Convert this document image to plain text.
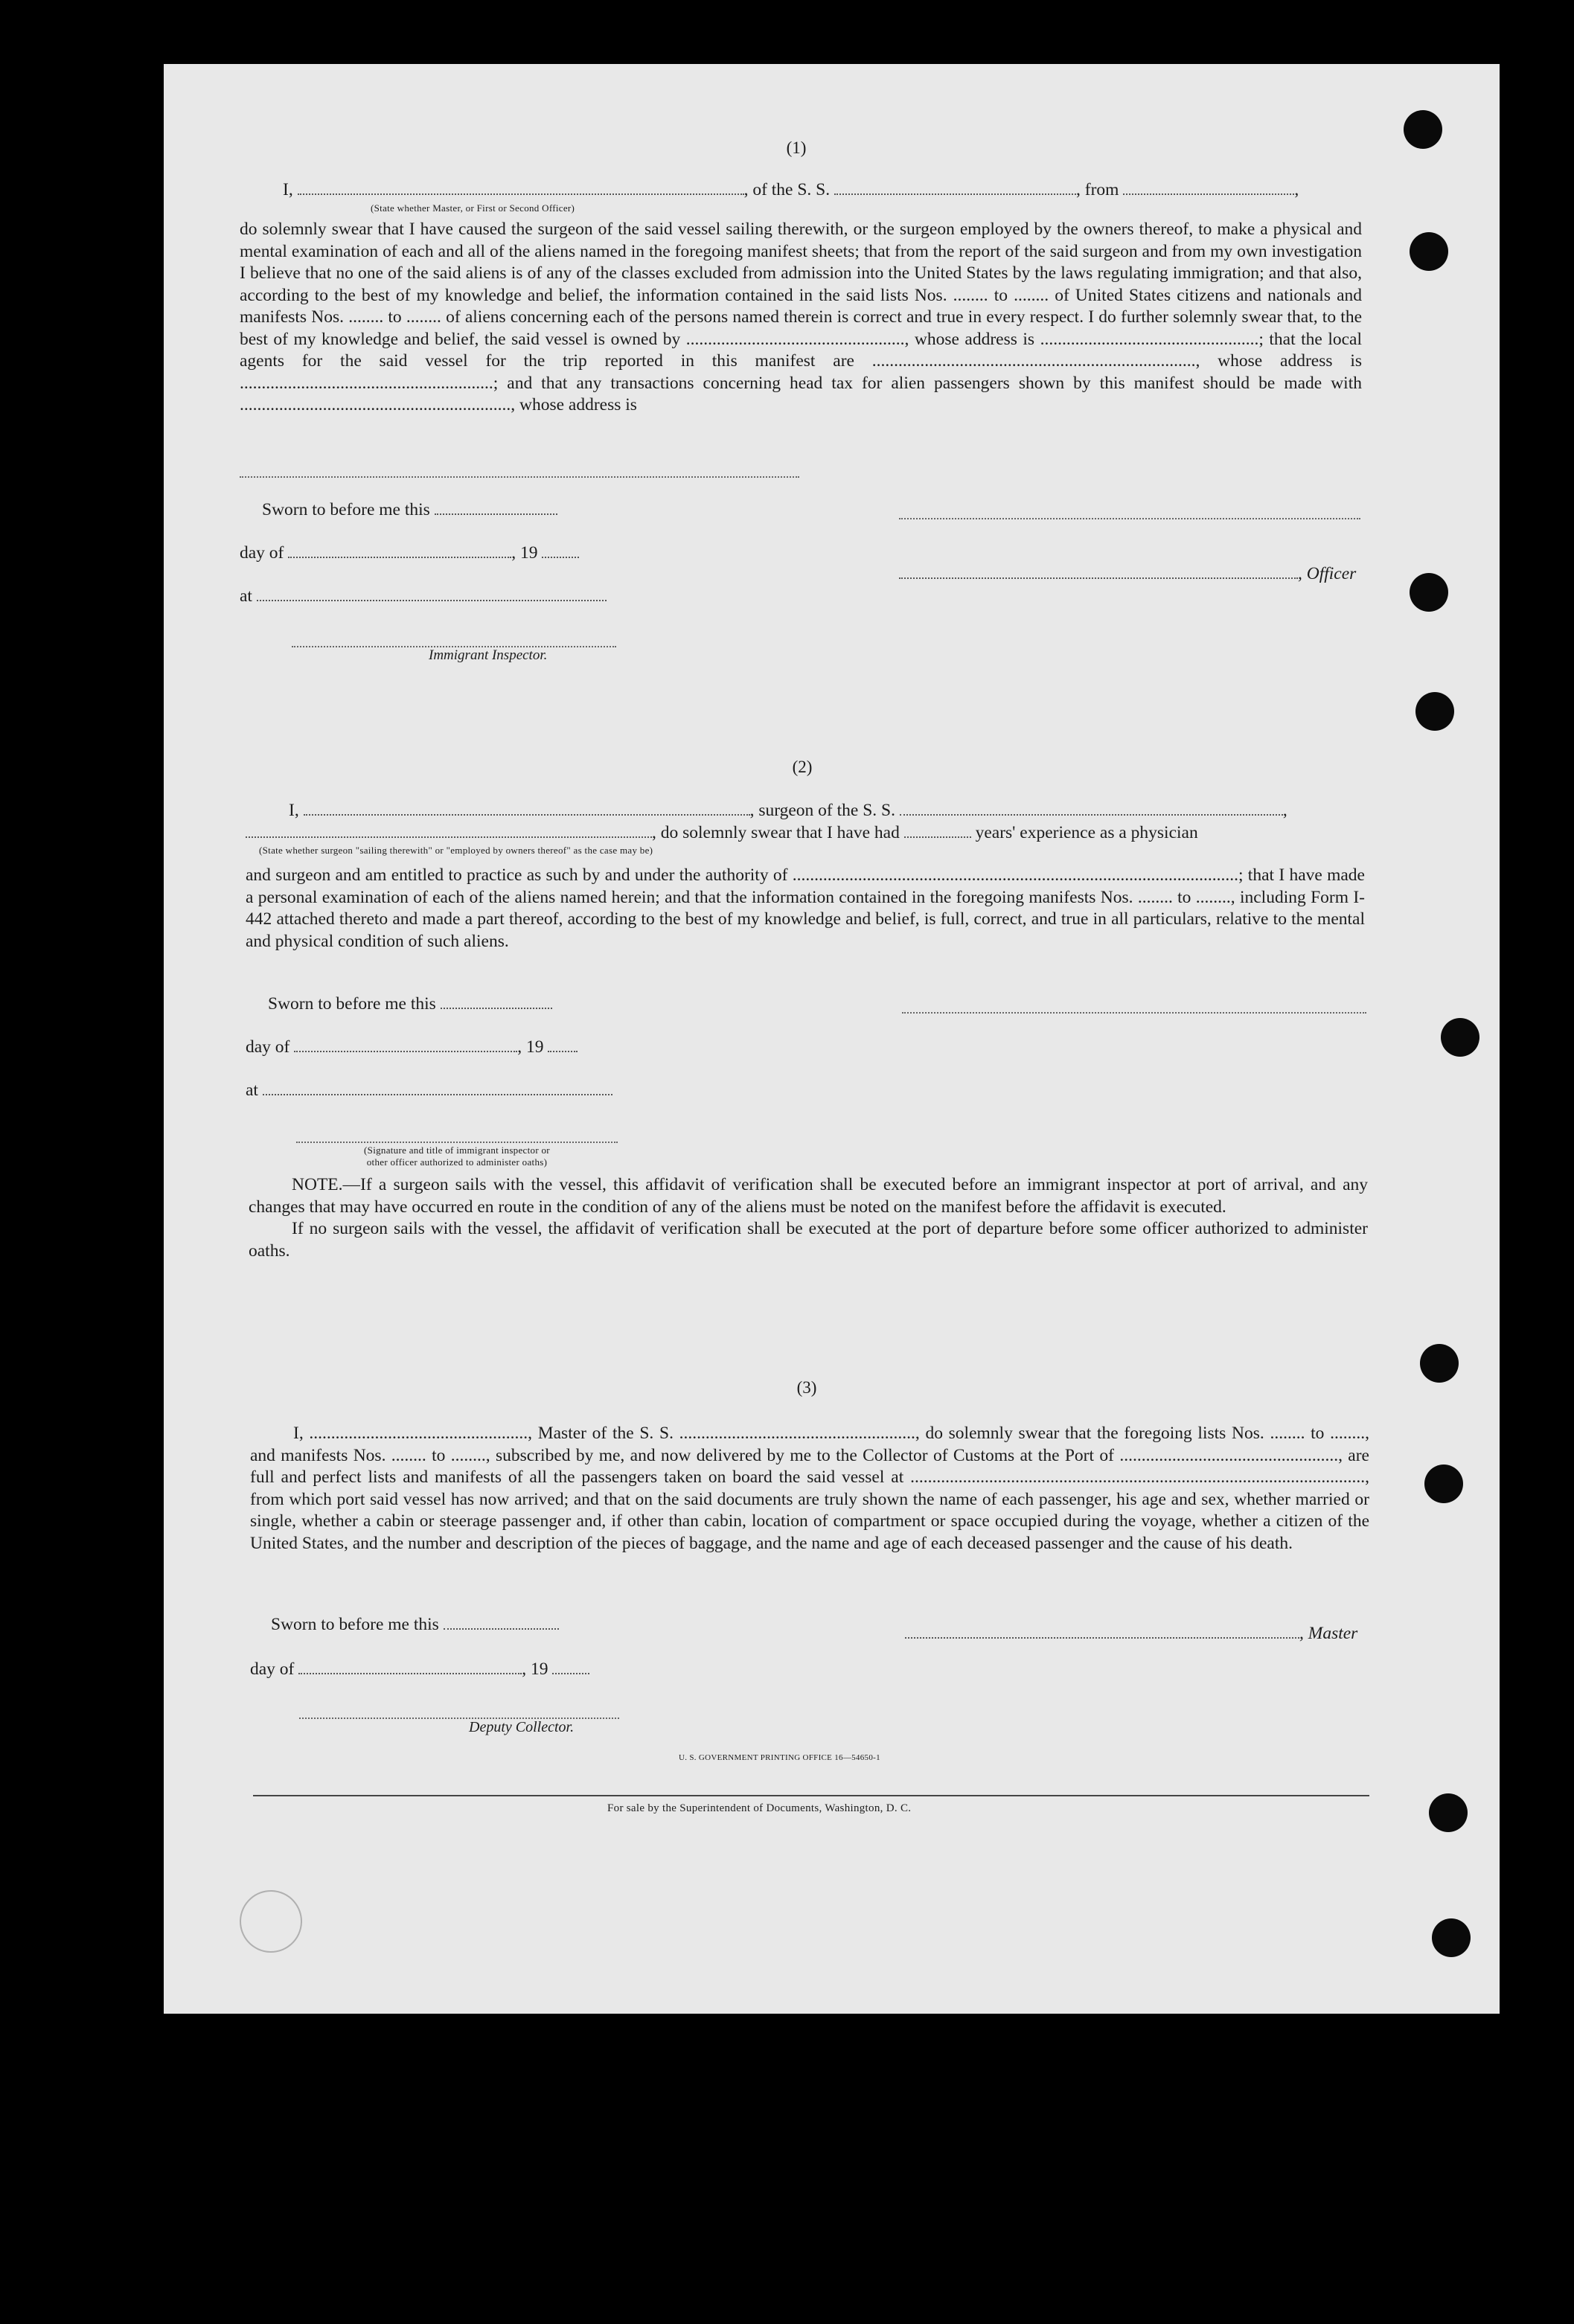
(1)
I,	, of the S. S.	, from	,
(State whether Master, or First or Second Officer)
do solemnly swear that I have caused the surgeon of the said vessel sailing therewith, or the surgeon employed by the owners thereof, to make a physical and mental examination of each and all of the aliens named in the foregoing manifest sheets; that from the report of the said surgeon and from my own investigation I believe that no one of the said aliens is of any of the classes excluded from admission into the United States by the laws regulating immigration; and that also, according to the best of my knowledge and belief, the information contained in the said lists Nos. ........ to ........ of United States citizens and nationals and manifests Nos. ........ to ........ of aliens concerning each of the persons named therein is correct and true in every respect. I do further solemnly swear that, to the best of my knowledge and belief, the said vessel is owned by .................................................., whose address is ..................................................; that the local agents for the said vessel for the trip reported in this manifest are .........................................................................., whose address is ..........................................................; and that any transactions concerning head tax for alien passengers shown by this manifest should be made with .............................................................., whose address is
Sworn to before me this
day of	, 19
, Officer
at
Immigrant Inspector.
(2)
I,	, surgeon of the S. S.	,
, do solemnly swear that I have had	years' experience as a physician
(State whether surgeon "sailing therewith" or "employed by owners thereof" as the case may be)
and surgeon and am entitled to practice as such by and under the authority of ......................................................................................................; that I have made a personal examination of each of the aliens named herein; and that the information contained in the foregoing manifests Nos. ........ to ........, including Form I- 442 attached thereto and made a part thereof, according to the best of my knowledge and belief, is full, correct, and true in all particulars, relative to the mental and physical condition of such aliens.
Sworn to before me this
day of	, 19
at
(Signature and title of immigrant inspector or
other officer authorized to administer oaths)

NOTE.—If a surgeon sails with the vessel, this affidavit of verification shall be executed before an immigrant inspector at port of arrival, and any changes that may have occurred en route in the condition of any of the aliens must be noted on the manifest before the affidavit is executed.

If no surgeon sails with the vessel, the affidavit of verification shall be executed at the port of departure before some officer authorized to administer oaths.

(3)
I, .................................................., Master of the S. S. ......................................................, do solemnly swear that the foregoing lists Nos. ........ to ........, and manifests Nos. ........ to ........, subscribed by me, and now delivered by me to the Collector of Customs at the Port of .................................................., are full and perfect lists and manifests of all the passengers taken on board the said vessel at ........................................................................................................, from which port said vessel has now arrived; and that on the said documents are truly shown the name of each passenger, his age and sex, whether married or single, whether a cabin or steerage passenger and, if other than cabin, location of compartment or space occupied during the voyage, whether a citizen of the United States, and the number and description of the pieces of baggage, and the name and age of each deceased passenger and the cause of his death.
Sworn to before me this	, Master
day of	, 19
Deputy Collector.
U. S. GOVERNMENT PRINTING OFFICE 16—54650-1
For sale by the Superintendent of Documents, Washington, D. C.
